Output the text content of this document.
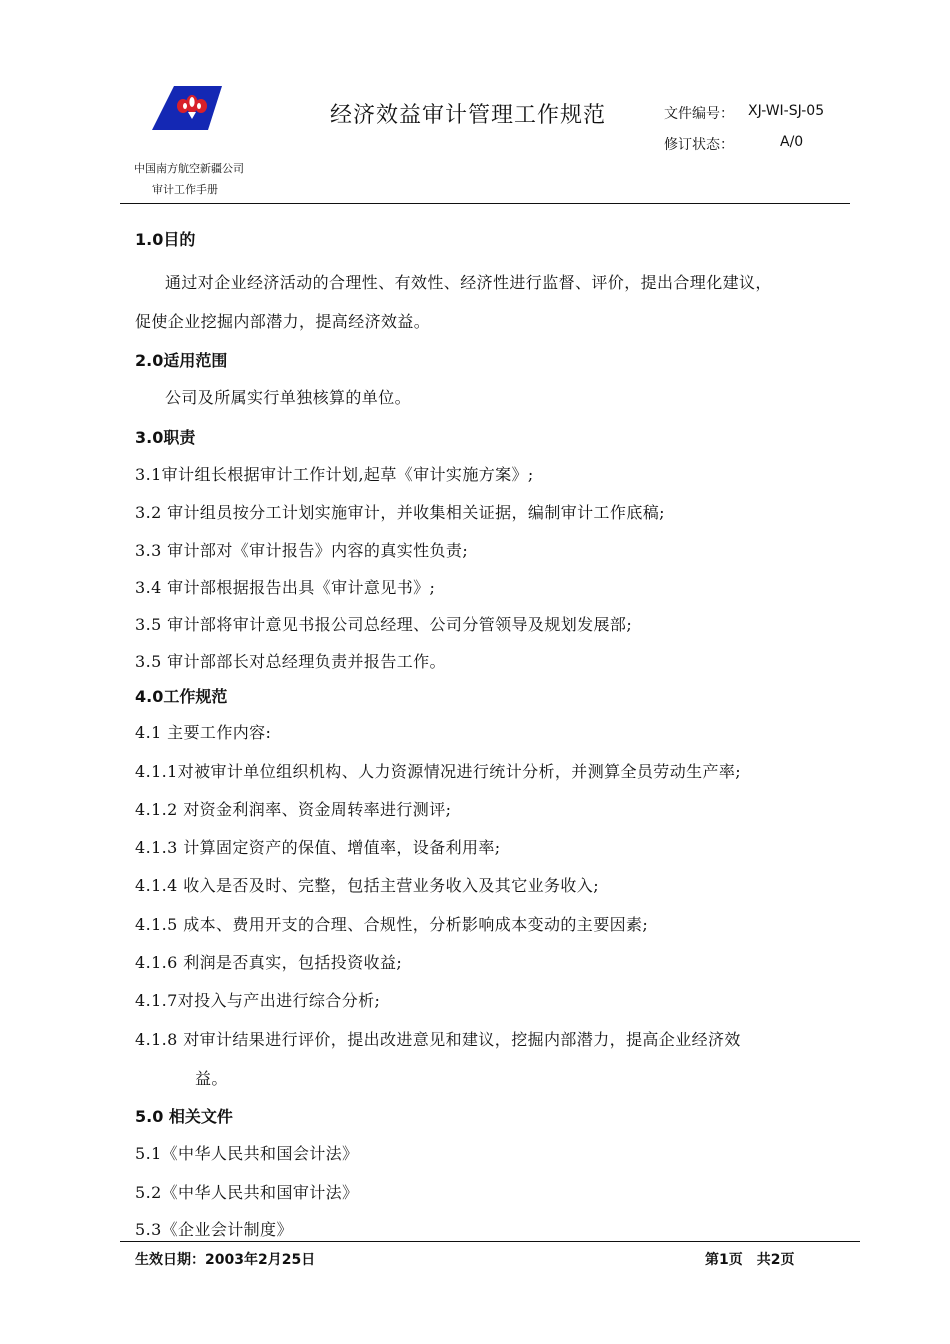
中国南方航空新疆公司
审计工作手册
经济效益审计管理工作规范	文件编号： XJ-WI-SJ-05
修订状态：	A/0
1.0目的
通过对企业经济活动的合理性、有效性、经济性进行监督、评价，提出合理化建议，
促使企业挖掘内部潜力，提高经济效益。
2.0适用范围
公司及所属实行单独核算的单位。
3.0职责
3.1审计组长根据审计工作计划,起草《审计实施方案》;
3.2 审计组员按分工计划实施审计，并收集相关证据，编制审计工作底稿;
3.3 审计部对《审计报告》内容的真实性负责;
3.4 审计部根据报告出具《审计意见书》;
3.5 审计部将审计意见书报公司总经理、公司分管领导及规划发展部;
3.5 审计部部长对总经理负责并报告工作。
4.0工作规范
4.1 主要工作内容:
4.1.1对被审计单位组织机构、人力资源情况进行统计分析，并测算全员劳动生产率;
4.1.2 对资金利润率、资金周转率进行测评;
4.1.3 计算固定资产的保值、增值率，设备利用率;
4.1.4 收入是否及时、完整，包括主营业务收入及其它业务收入;
4.1.5 成本、费用开支的合理、合规性，分析影响成本变动的主要因素;
4.1.6 利润是否真实，包括投资收益;
4.1.7对投入与产出进行综合分析;
4.1.8 对审计结果进行评价，提出改进意见和建议，挖掘内部潜力，提高企业经济效
益。
5.0 相关文件
5.1《中华人民共和国会计法》
5.2《中华人民共和国审计法》
5.3《企业会计制度》
生效日期：2003年2月25日	第1页　共2页
